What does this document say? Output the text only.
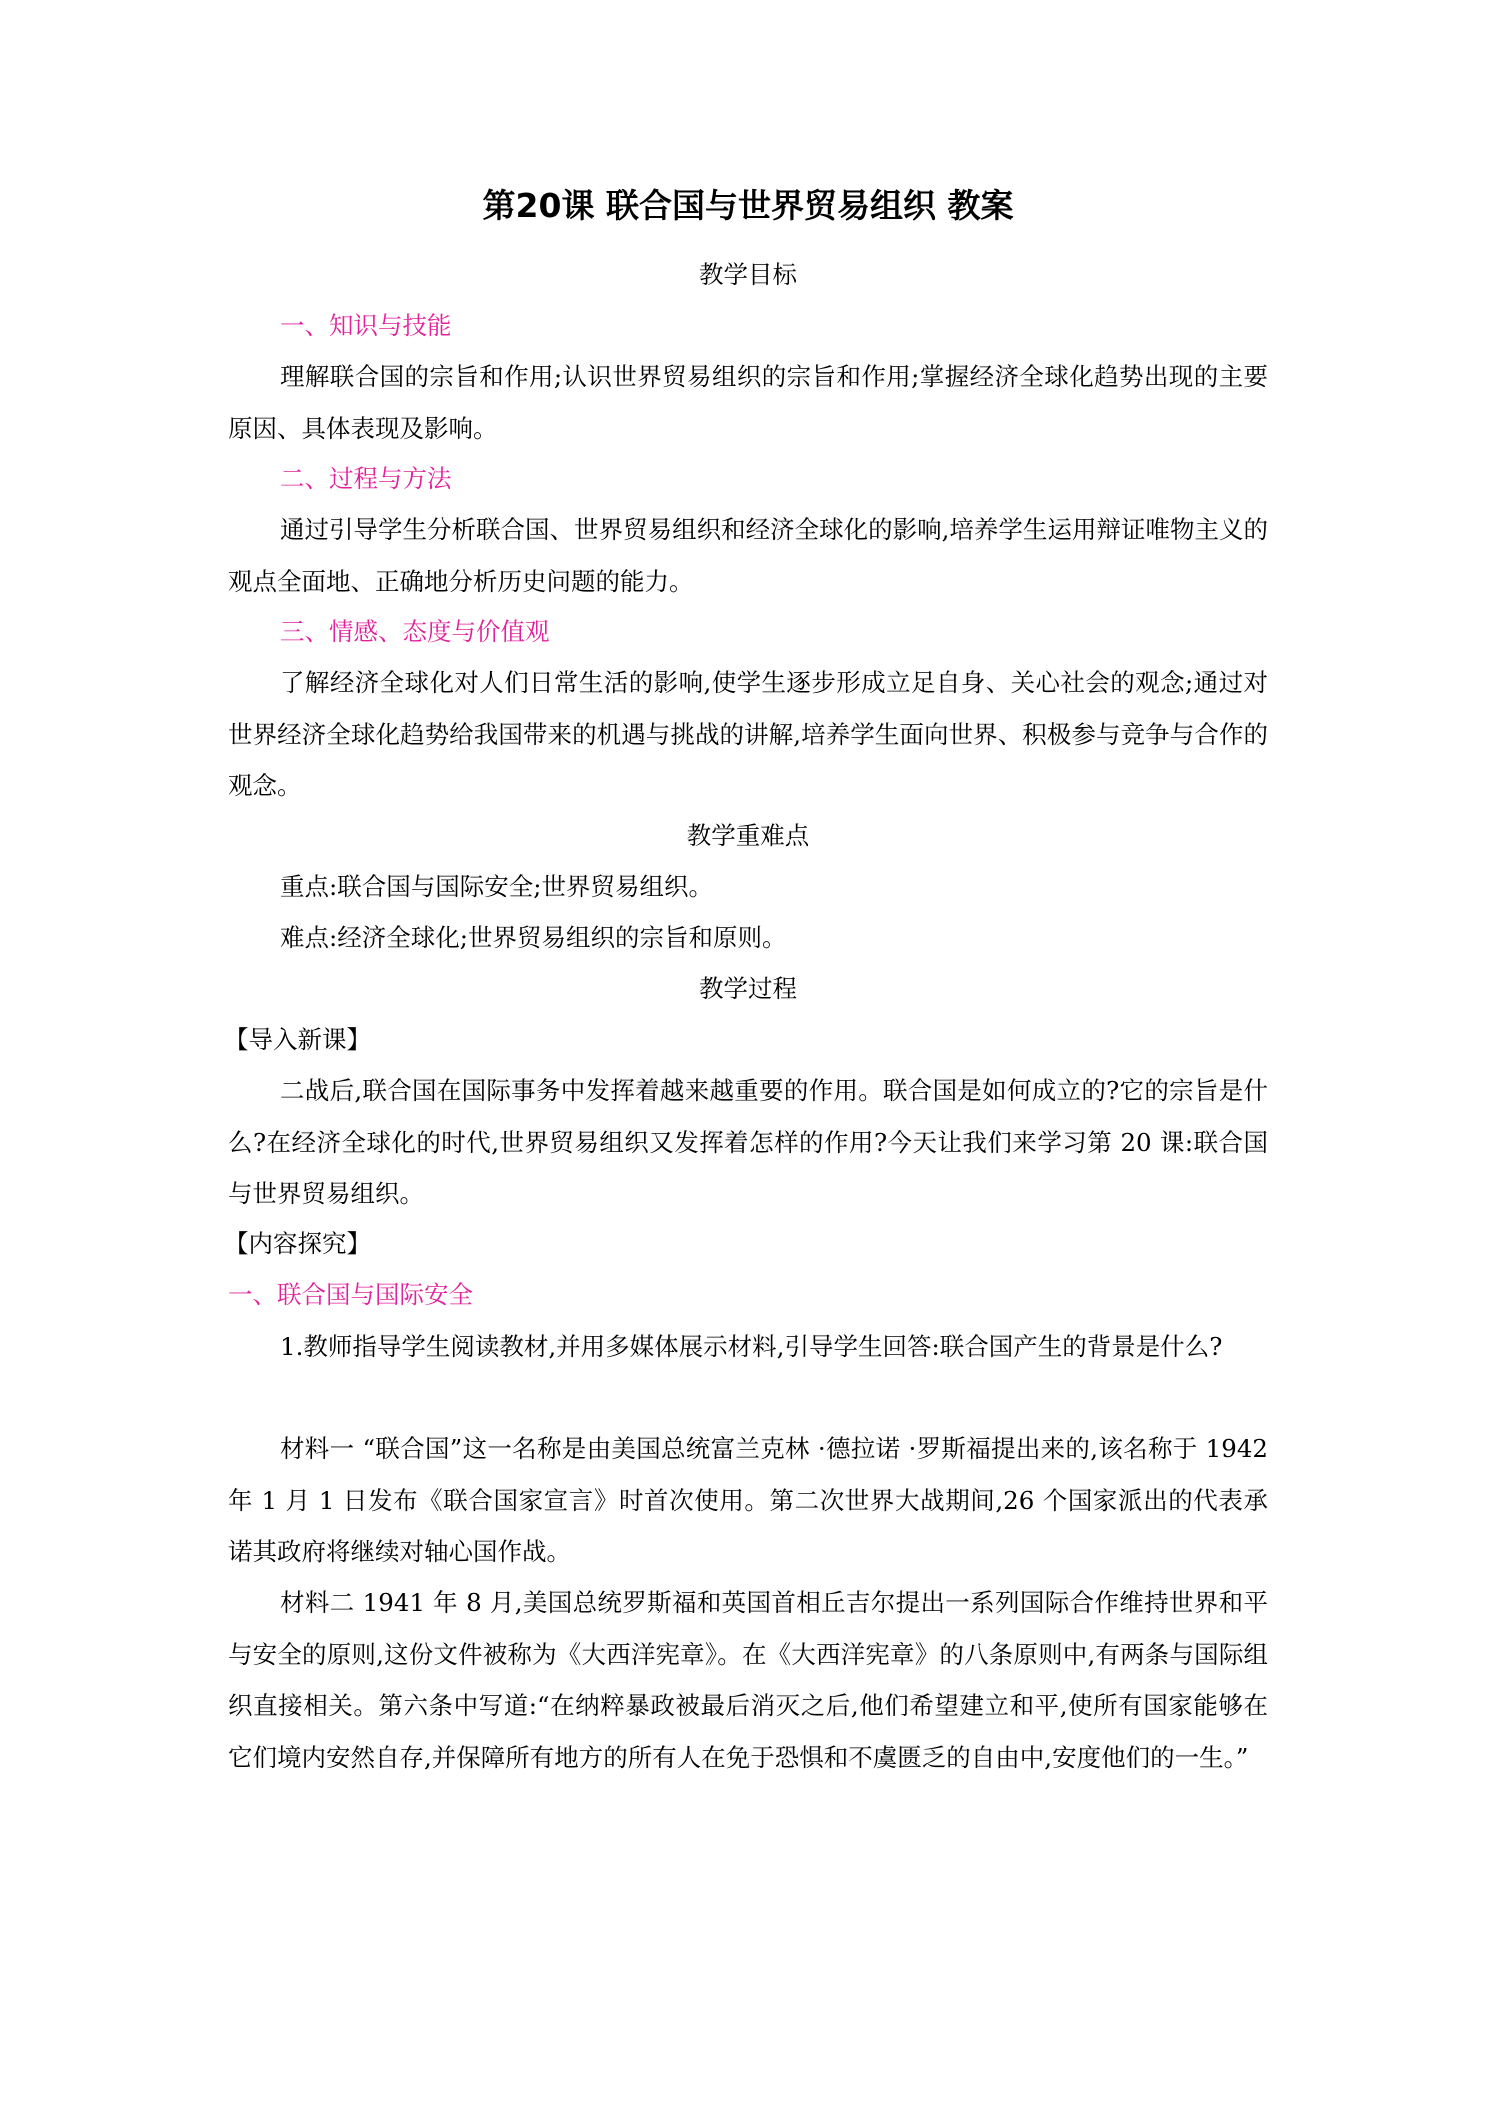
第20课 联合国与世界贸易组织 教案
教学目标
一、知识与技能
理解联合国的宗旨和作用;认识世界贸易组织的宗旨和作用;掌握经济全球化趋势出现的主要原因、具体表现及影响。
二、过程与方法
通过引导学生分析联合国、世界贸易组织和经济全球化的影响,培养学生运用辩证唯物主义的观点全面地、正确地分析历史问题的能力。
三、情感、态度与价值观
了解经济全球化对人们日常生活的影响,使学生逐步形成立足自身、关心社会的观念;通过对世界经济全球化趋势给我国带来的机遇与挑战的讲解,培养学生面向世界、积极参与竞争与合作的观念。
教学重难点
重点:联合国与国际安全;世界贸易组织。
难点:经济全球化;世界贸易组织的宗旨和原则。
教学过程
【导入新课】
二战后,联合国在国际事务中发挥着越来越重要的作用。联合国是如何成立的?它的宗旨是什么?在经济全球化的时代,世界贸易组织又发挥着怎样的作用?今天让我们来学习第 20 课:联合国与世界贸易组织。
【内容探究】
一、联合国与国际安全
1.教师指导学生阅读教材,并用多媒体展示材料,引导学生回答:联合国产生的背景是什么?
材料一 “联合国”这一名称是由美国总统富兰克林 ·德拉诺 ·罗斯福提出来的,该名称于 1942 年 1 月 1 日发布《联合国家宣言》时首次使用。第二次世界大战期间,26 个国家派出的代表承诺其政府将继续对轴心国作战。
材料二 1941 年 8 月,美国总统罗斯福和英国首相丘吉尔提出一系列国际合作维持世界和平与安全的原则,这份文件被称为《大西洋宪章》。在《大西洋宪章》的八条原则中,有两条与国际组织直接相关。第六条中写道:“在纳粹暴政被最后消灭之后,他们希望建立和平,使所有国家能够在它们境内安然自存,并保障所有地方的所有人在免于恐惧和不虞匮乏的自由中,安度他们的一生。”
